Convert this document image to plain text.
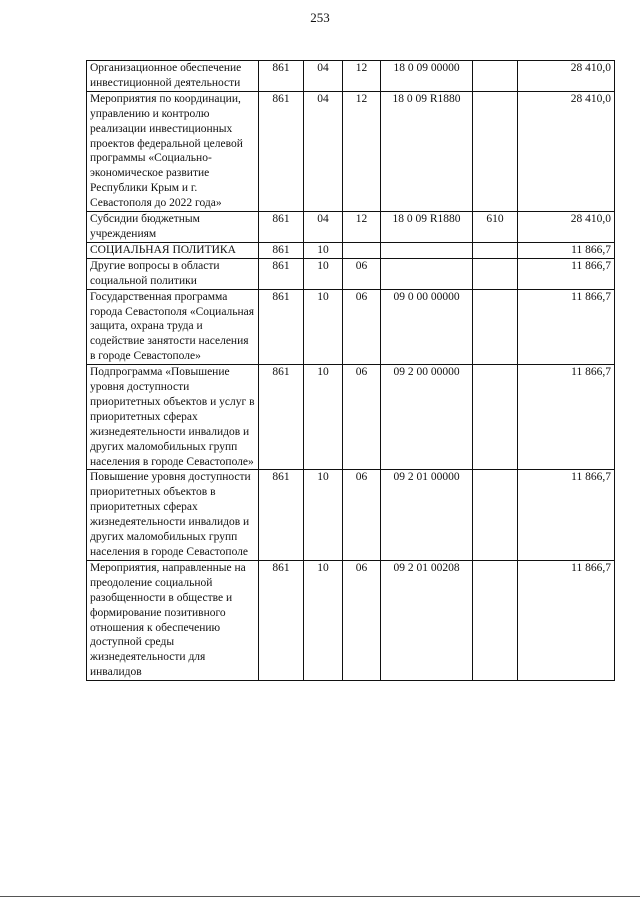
253
Организационное обеспечение инвестиционной деятельности	861	04	12	18 0 09 00000		28 410,0
Мероприятия по координации, управлению и контролю реализации инвестиционных проектов федеральной целевой программы «Социально-экономическое развитие Республики Крым и г. Севастополя до 2022 года»	861	04	12	18 0 09 R1880		28 410,0
Субсидии бюджетным учреждениям	861	04	12	18 0 09 R1880	610	28 410,0
СОЦИАЛЬНАЯ ПОЛИТИКА	861	10				11 866,7
Другие вопросы в области социальной политики	861	10	06			11 866,7
Государственная программа города Севастополя «Социальная защита, охрана труда и содействие занятости населения в городе Севастополе»	861	10	06	09 0 00 00000		11 866,7
Подпрограмма «Повышение уровня доступности приоритетных объектов и услуг в приоритетных сферах жизнедеятельности инвалидов и других маломобильных групп населения в городе Севастополе»	861	10	06	09 2 00 00000		11 866,7
Повышение уровня доступности приоритетных объектов в приоритетных сферах жизнедеятельности инвалидов и других маломобильных групп населения в городе Севастополе	861	10	06	09 2 01 00000		11 866,7
Мероприятия, направленные на преодоление социальной разобщенности в обществе и формирование позитивного отношения к обеспечению доступной среды жизнедеятельности для инвалидов	861	10	06	09 2 01 00208		11 866,7
